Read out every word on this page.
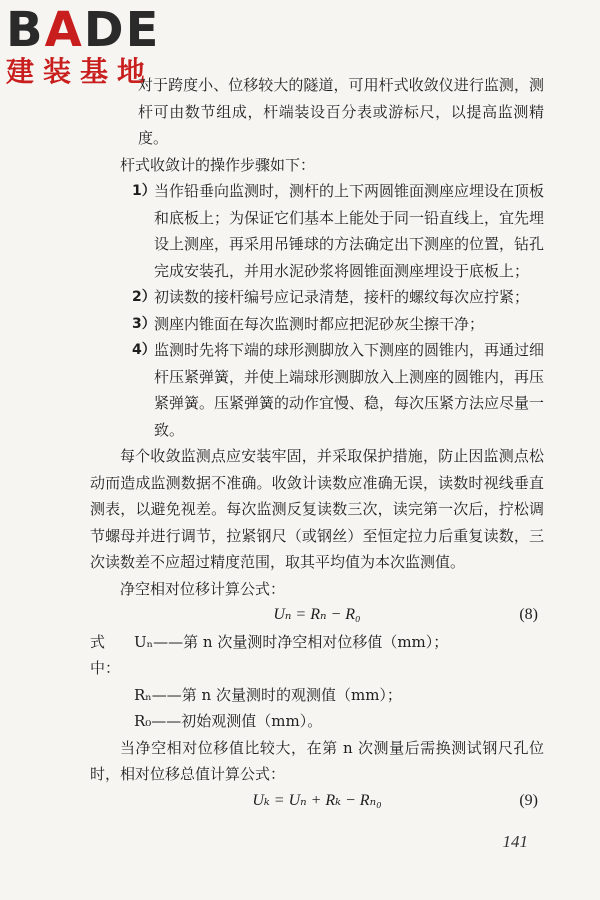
BADE
建装基地

对于跨度小、位移较大的隧道，可用杆式收敛仪进行监测，测杆可由数节组成，杆端装设百分表或游标尺，以提高监测精度。

杆式收敛计的操作步骤如下：

1）
当作铅垂向监测时，测杆的上下两圆锥面测座应埋设在顶板和底板上；为保证它们基本上能处于同一铅直线上，宜先埋设上测座，再采用吊锤球的方法确定出下测座的位置，钻孔完成安装孔，并用水泥砂浆将圆锥面测座埋设于底板上；
2）
初读数的接杆编号应记录清楚，接杆的螺纹每次应拧紧；
3）
测座内锥面在每次监测时都应把泥砂灰尘擦干净；
4）
监测时先将下端的球形测脚放入下测座的圆锥内，再通过细杆压紧弹簧，并使上端球形测脚放入上测座的圆锥内，再压紧弹簧。压紧弹簧的动作宜慢、稳，每次压紧方法应尽量一致。

每个收敛监测点应安装牢固，并采取保护措施，防止因监测点松动而造成监测数据不准确。收敛计读数应准确无误，读数时视线垂直测表，以避免视差。每次监测反复读数三次，读完第一次后，拧松调节螺母并进行调节，拉紧钢尺（或钢丝）至恒定拉力后重复读数，三次读数差不应超过精度范围，取其平均值为本次监测值。

净空相对位移计算公式：

Uₙ = Rₙ − R₀	(8)
式中：
Uₙ——第 n 次量测时净空相对位移值（mm）；
Rₙ——第 n 次量测时的观测值（mm）；
R₀——初始观测值（mm）。

当净空相对位移值比较大，在第 n 次测量后需换测试钢尺孔位时，相对位移总值计算公式：

Uₖ = Uₙ + Rₖ − Rₙ₀	(9)
141
